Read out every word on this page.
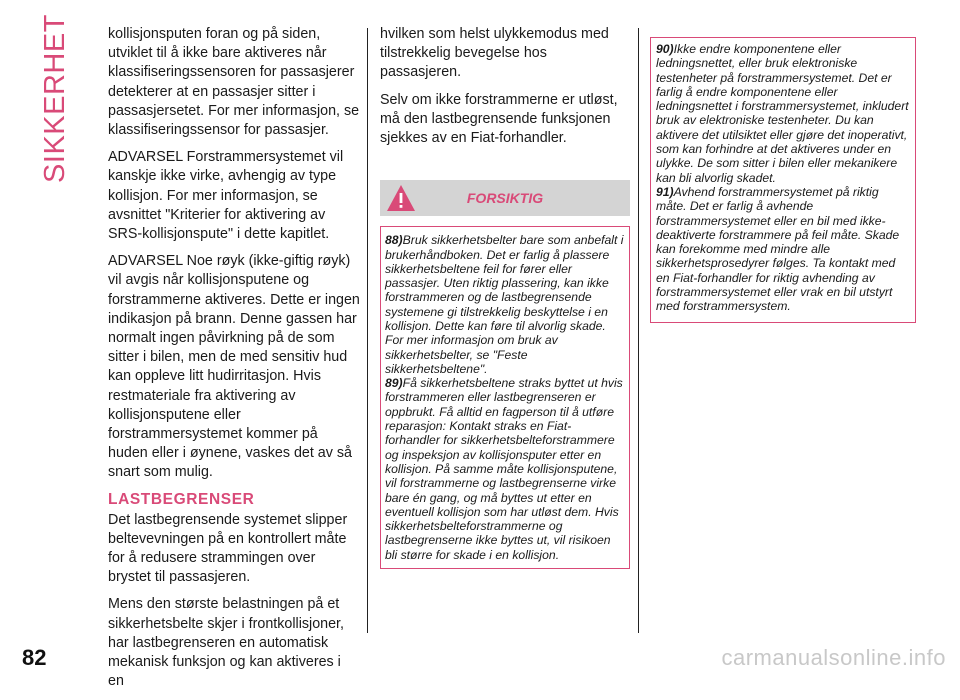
SIKKERHET	kollisjonsputen foran og på siden, utviklet til å ikke bare aktiveres når klassifiseringssensoren for passasjerer detekterer at en passasjer sitter i passasjersetet. For mer informasjon, se klassifiseringssensor for passasjer.

ADVARSEL Forstrammersystemet vil kanskje ikke virke, avhengig av type kollisjon. For mer informasjon, se avsnittet "Kriterier for aktivering av SRS-kollisjonspute" i dette kapitlet.

ADVARSEL Noe røyk (ikke-giftig røyk) vil avgis når kollisjonsputene og forstrammerne aktiveres. Dette er ingen indikasjon på brann. Denne gassen har normalt ingen påvirkning på de som sitter i bilen, men de med sensitiv hud kan oppleve litt hudirritasjon. Hvis restmateriale fra aktivering av kollisjonsputene eller forstrammersystemet kommer på huden eller i øynene, vaskes det av så snart som mulig.

LASTBEGRENSER

Det lastbegrensende systemet slipper beltevevningen på en kontrollert måte for å redusere strammingen over brystet til passasjeren.

Mens den største belastningen på et sikkerhetsbelte skjer i frontkollisjoner, har lastbegrenseren en automatisk mekanisk funksjon og kan aktiveres i en

hvilken som helst ulykkemodus med tilstrekkelig bevegelse hos passasjeren.

Selv om ikke forstrammerne er utløst, må den lastbegrensende funksjonen sjekkes av en Fiat-forhandler.

FORSIKTIG

88)Bruk sikkerhetsbelter bare som anbefalt i brukerhåndboken. Det er farlig å plassere sikkerhetsbeltene feil for fører eller passasjer. Uten riktig plassering, kan ikke forstrammeren og de lastbegrensende systemene gi tilstrekkelig beskyttelse i en kollisjon. Dette kan føre til alvorlig skade. For mer informasjon om bruk av sikkerhetsbelter, se "Feste sikkerhetsbeltene".

89)Få sikkerhetsbeltene straks byttet ut hvis forstrammeren eller lastbegrenseren er oppbrukt. Få alltid en fagperson til å utføre reparasjon: Kontakt straks en Fiat-forhandler for sikkerhetsbelteforstrammere og inspeksjon av kollisjonsputer etter en kollisjon. På samme måte kollisjonsputene, vil forstrammerne og lastbegrenserne virke bare én gang, og må byttes ut etter en eventuell kollisjon som har utløst dem. Hvis sikkerhetsbelteforstrammerne og lastbegrenserne ikke byttes ut, vil risikoen bli større for skade i en kollisjon.

90)Ikke endre komponentene eller ledningsnettet, eller bruk elektroniske testenheter på forstrammersystemet. Det er farlig å endre komponentene eller ledningsnettet i forstrammersystemet, inkludert bruk av elektroniske testenheter. Du kan aktivere det utilsiktet eller gjøre det inoperativt, som kan forhindre at det aktiveres under en ulykke. De som sitter i bilen eller mekanikere kan bli alvorlig skadet.

91)Avhend forstrammersystemet på riktig måte. Det er farlig å avhende forstrammersystemet eller en bil med ikke-deaktiverte forstrammere på feil måte. Skade kan forekomme med mindre alle sikkerhetsprosedyrer følges. Ta kontakt med en Fiat-forhandler for riktig avhending av forstrammersystemet eller vrak en bil utstyrt med forstrammersystem.

82	carmanualsonline.info
